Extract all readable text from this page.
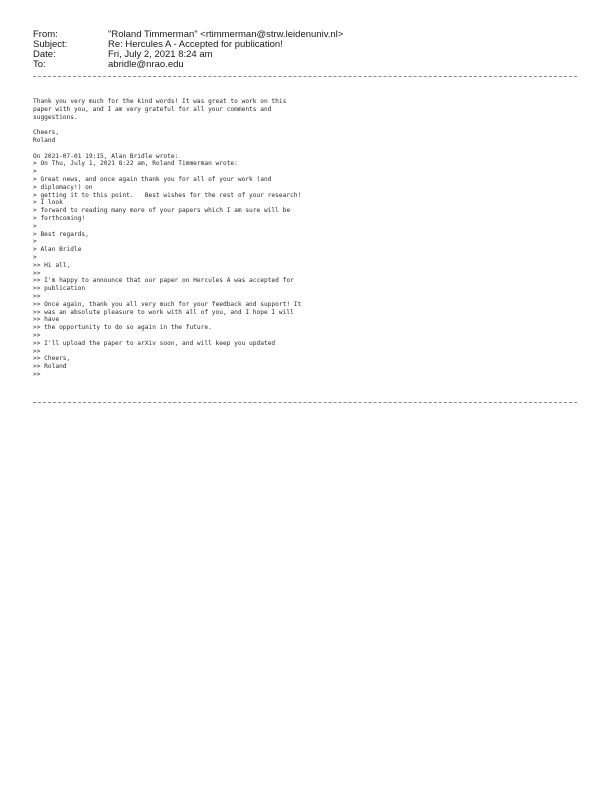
From:	"Roland Timmerman" <rtimmerman@strw.leidenuniv.nl>
Subject:	Re: Hercules A - Accepted for publication!
Date:	Fri, July 2, 2021 8:24 am
To:	abridle@nrao.edu
Thank you very much for the kind words! It was great to work on this
paper with you, and I am very grateful for all your comments and
suggestions.
Cheers,
Roland
On 2021-07-01 19:15, Alan Bridle wrote:
> On Thu, July 1, 2021 8:22 am, Roland Timmerman wrote:
>
> Great news, and once again thank you for all of your work (and
> diplomacy!) on
> getting it to this point.   Best wishes for the rest of your research!
> I look
> forward to reading many more of your papers which I am sure will be
> forthcoming!
>
> Best regards,
>
> Alan Bridle
>
>> Hi all,
>>
>> I'm happy to announce that our paper on Hercules A was accepted for
>> publication
>>
>> Once again, thank you all very much for your feedback and support! It
>> was an absolute pleasure to work with all of you, and I hope I will
>> have
>> the opportunity to do so again in the future.
>>
>> I'll upload the paper to arXiv soon, and will keep you updated
>>
>> Cheers,
>> Roland
>>
